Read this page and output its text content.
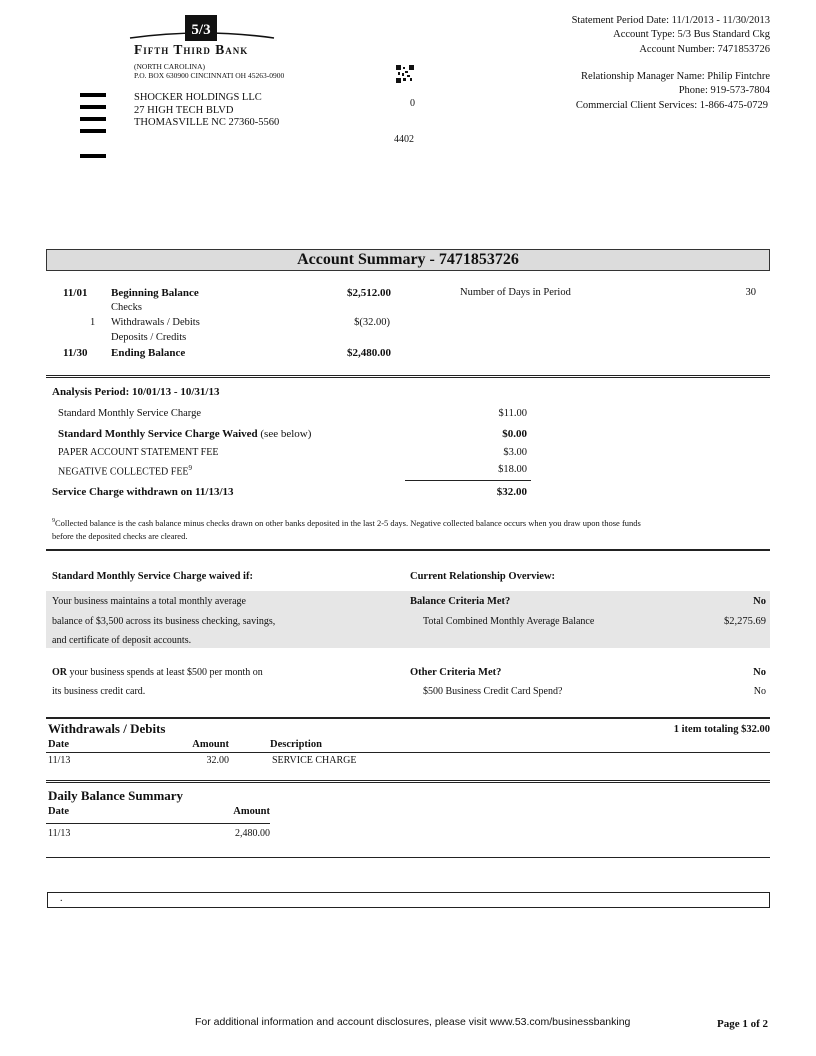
5/3
Fifth Third Bank
(NORTH CAROLINA)
P.O. BOX 630900 CINCINNATI OH 45263-0900
SHOCKER HOLDINGS LLC
27 HIGH TECH BLVD
THOMASVILLE NC 27360-5560
0
4402
Statement Period Date: 11/1/2013 - 11/30/2013
Account Type: 5/3 Bus Standard Ckg
Account Number: 7471853726
Relationship Manager Name: Philip Fintchre
Phone: 919-573-7804
Commercial Client Services: 1-866-475-0729
Account Summary - 7471853726
11/01 Beginning Balance	$2,512.00
Checks
1 Withdrawals / Debits	$(32.00)
Deposits / Credits
11/30 Ending Balance	$2,480.00
Number of Days in Period	30
Analysis Period: 10/01/13 - 10/31/13
Standard Monthly Service Charge	$11.00
Standard Monthly Service Charge Waived (see below)	$0.00
PAPER ACCOUNT STATEMENT FEE	$3.00
NEGATIVE COLLECTED FEE$^9$	$18.00
Service Charge withdrawn on 11/13/13	$32.00
$^9$Collected balance is the cash balance minus checks drawn on other banks deposited in the last 2-5 days. Negative collected balance occurs when you draw upon those funds
before the deposited checks are cleared.
Standard Monthly Service Charge waived if:	Current Relationship Overview:
Your business maintains a total monthly average
balance of $3,500 across its business checking, savings,
and certificate of deposit accounts.
Balance Criteria Met?	No
Total Combined Monthly Average Balance	$2,275.69
OR your business spends at least $500 per month on
its business credit card.
Other Criteria Met?	No
$500 Business Credit Card Spend?	No
Withdrawals / Debits	1 item totaling $32.00
Date	Amount	Description
11/13	32.00	SERVICE CHARGE
Daily Balance Summary
Date	Amount
11/13	2,480.00
.
For additional information and account disclosures, please visit www.53.com/businessbanking	Page 1 of 2
